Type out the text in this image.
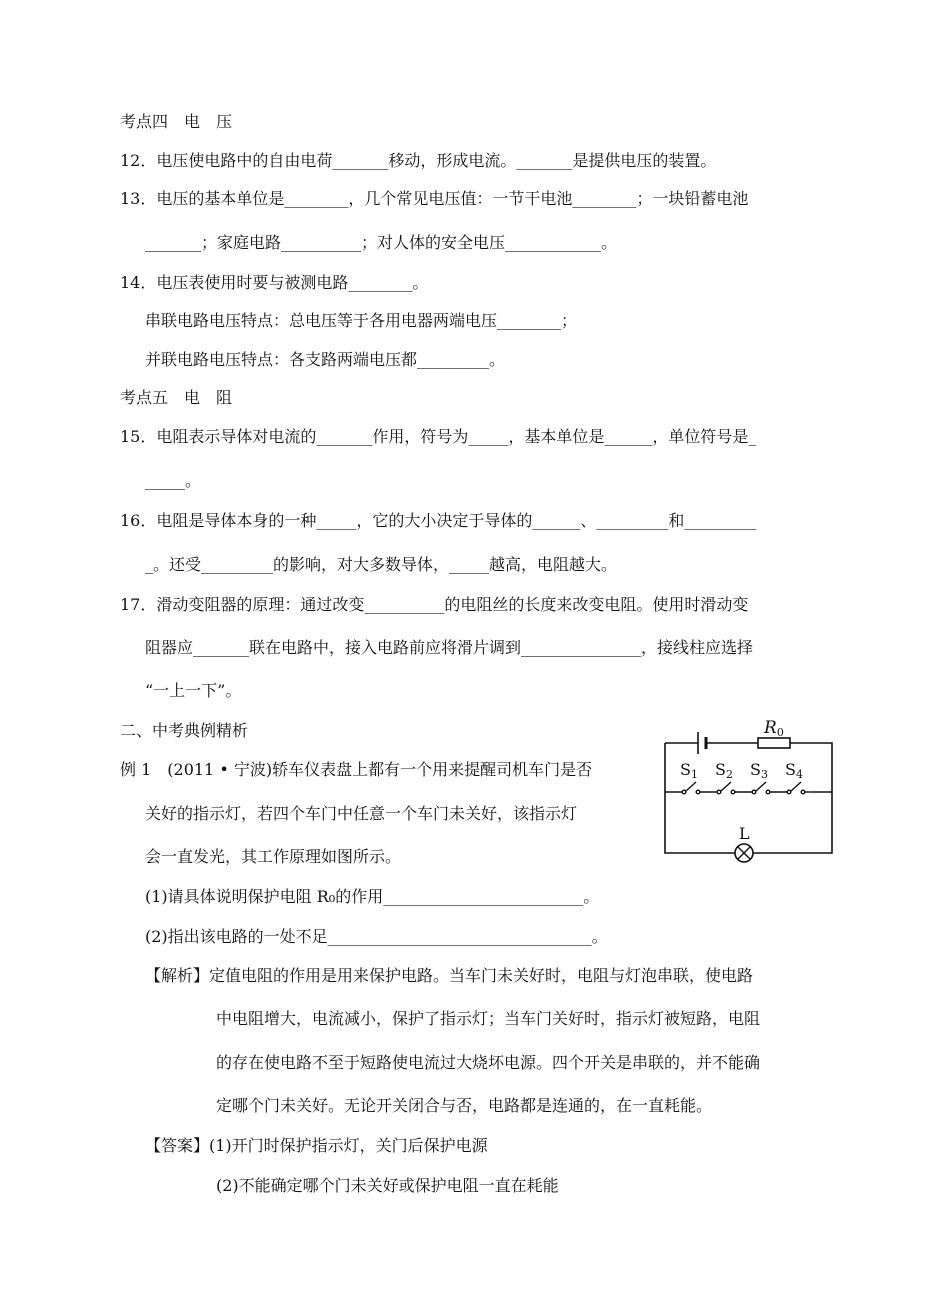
考点四　电　压
12．电压使电路中的自由电荷_______移动，形成电流。_______是提供电压的装置。
13．电压的基本单位是________，几个常见电压值：一节干电池________；一块铅蓄电池
_______；家庭电路__________；对人体的安全电压____________。
14．电压表使用时要与被测电路________。
串联电路电压特点：总电压等于各用电器两端电压________；
并联电路电压特点：各支路两端电压都_________。
考点五　电　阻
15．电阻表示导体对电流的_______作用，符号为_____，基本单位是______，单位符号是_
_____。
16．电阻是导体本身的一种_____，它的大小决定于导体的______、_________和_________
_。还受_________的影响，对大多数导体，_____越高，电阻越大。
17．滑动变阻器的原理：通过改变__________的电阻丝的长度来改变电阻。使用时滑动变
阻器应_______联在电路中，接入电路前应将滑片调到_______________，接线柱应选择
“一上一下”。
二、中考典例精析
例 1　(2011 • 宁波)轿车仪表盘上都有一个用来提醒司机车门是否
关好的指示灯，若四个车门中任意一个车门未关好，该指示灯
会一直发光，其工作原理如图所示。
(1)请具体说明保护电阻 R₀的作用_________________________。
(2)指出该电路的一处不足_________________________________。
【解析】定值电阻的作用是用来保护电路。当车门未关好时，电阻与灯泡串联，使电路
中电阻增大，电流减小，保护了指示灯；当车门关好时，指示灯被短路，电阻
的存在使电路不至于短路使电流过大烧坏电源。四个开关是串联的，并不能确
定哪个门未关好。无论开关闭合与否，电路都是连通的，在一直耗能。
【答案】(1)开门时保护指示灯，关门后保护电源
(2)不能确定哪个门未关好或保护电阻一直在耗能
R0
S1 S2 S3 S4
L
